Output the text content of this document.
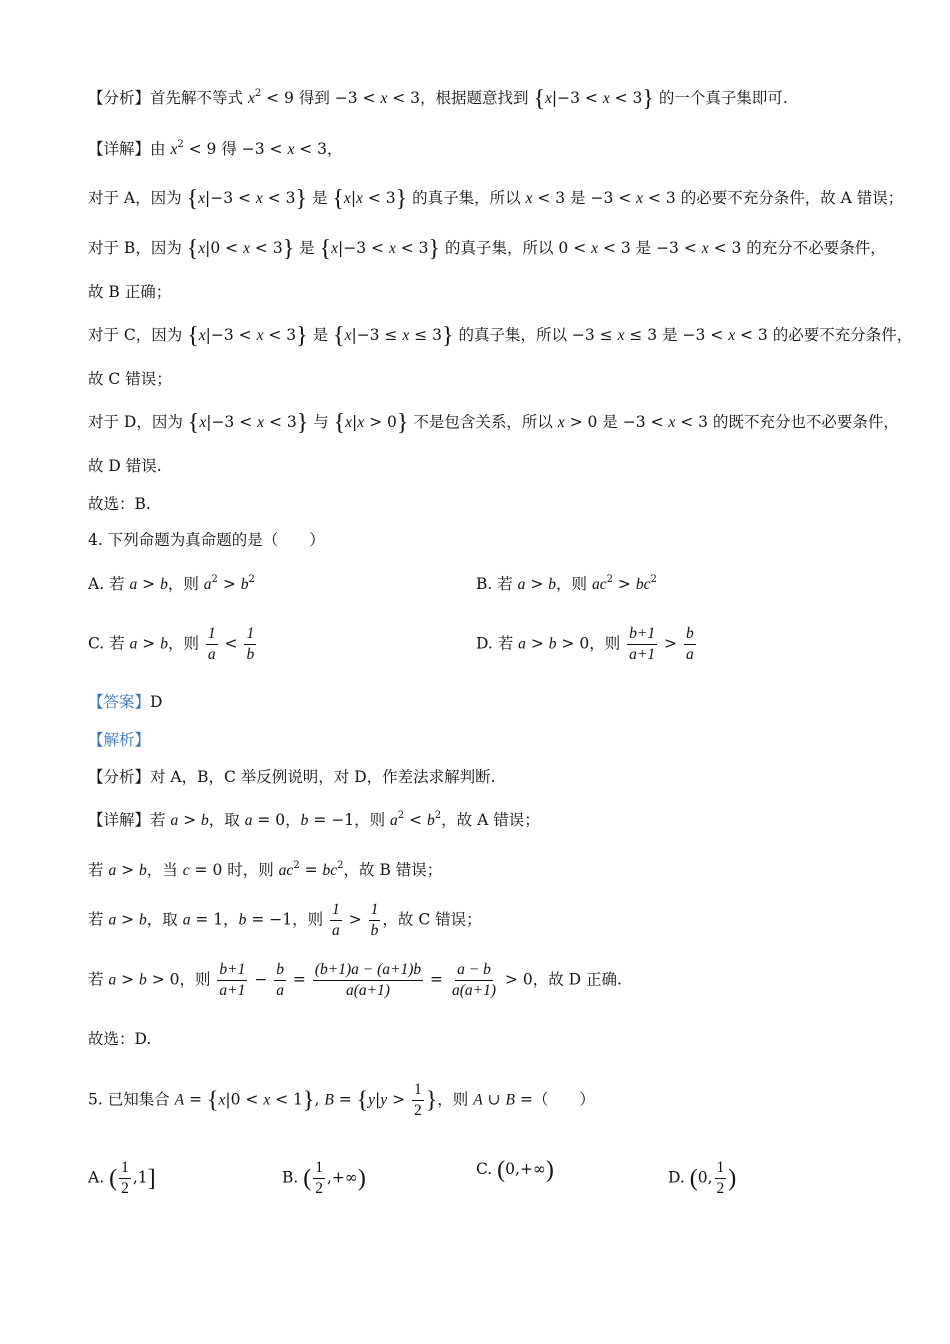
【分析】首先解不等式 $x^2 < 9$ 得到 −3 < x < 3，根据题意找到 {x|−3 < x < 3} 的一个真子集即可.
【详解】由 $x^2 < 9$ 得 −3 < x < 3，
对于 A，因为 {x|−3 < x < 3} 是 {x|x < 3} 的真子集，所以 x < 3 是 −3 < x < 3 的必要不充分条件，故 A 错误；
对于 B，因为 {x|0 < x < 3} 是 {x|−3 < x < 3} 的真子集，所以 0 < x < 3 是 −3 < x < 3 的充分不必要条件，
故 B 正确；
对于 C，因为 {x|−3 < x < 3} 是 {x|−3 ≤ x ≤ 3} 的真子集，所以 −3 ≤ x ≤ 3 是 −3 < x < 3 的必要不充分条件，
故 C 错误；
对于 D，因为 {x|−3 < x < 3} 与 {x|x > 0} 不是包含关系，所以 x > 0 是 −3 < x < 3 的既不充分也不必要条件，
故 D 错误.
故选：B.
4. 下列命题为真命题的是（　　）
A. 若 a > b，则 $a^2 > b^2$	B. 若 a > b，则 $ac^2 > bc^2$
C. 若 a > b，则 $\frac{1}{a} < \frac{1}{b}$	D. 若 a > b > 0，则 $\frac{b+1}{a+1} > \frac{b}{a}$
【答案】D
【解析】
【分析】对 A，B，C 举反例说明，对 D，作差法求解判断.
【详解】若 a > b，取 a = 0，b = −1，则 $a^2 < b^2$，故 A 错误；
若 a > b，当 c = 0 时，则 $ac^2 = bc^2$，故 B 错误；
若 a > b，取 a = 1，b = −1，则 $\frac{1}{a} > \frac{1}{b}$ ，故 C 错误；
若 a > b > 0，则 $\frac{b+1}{a+1} - \frac{b}{a} = \frac{(b+1)a - (a+1)b}{a(a+1)} = \frac{a - b}{a(a+1)} > 0$，故 D 正确.
故选：D.
5. 已知集合 A = {x|0 < x < 1}, $B = \{y|y > \frac{1}{2}$ }，则 A ∪ B =（　　）
A. ( $\frac{1}{2} ,1$]	B. ( $\frac{1}{2}$ ,+∞)	C. (0,+∞)	D. (0, $\frac{1}{2}$ )
